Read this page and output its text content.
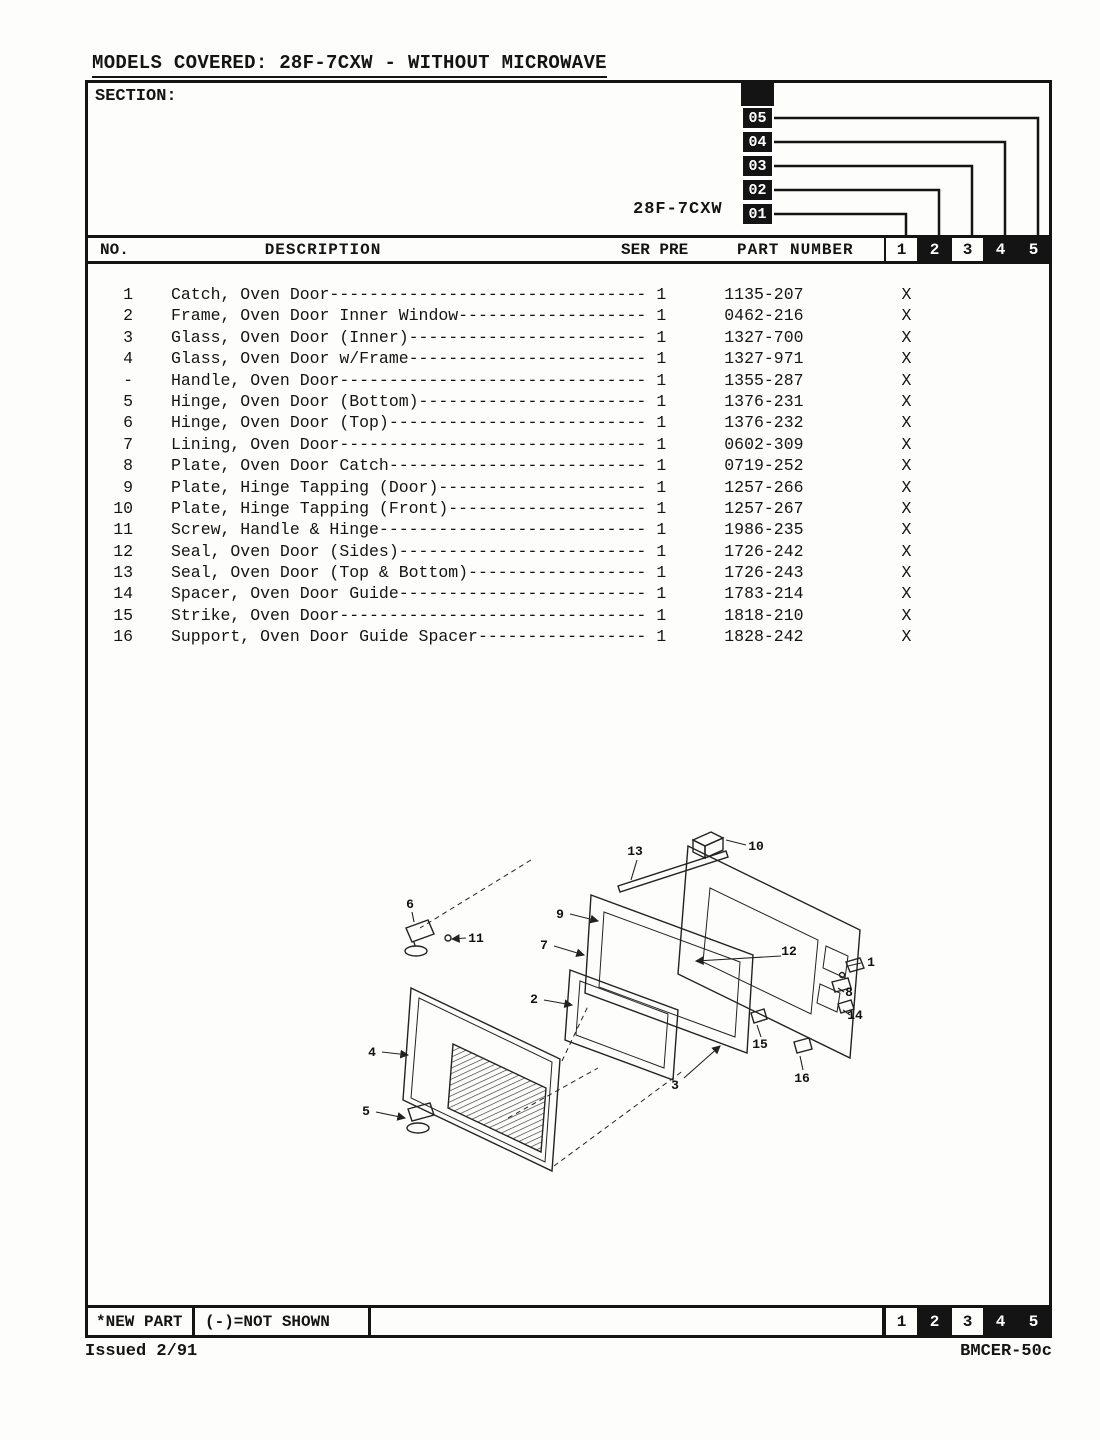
MODELS COVERED: 28F-7CXW - WITHOUT MICROWAVE
SECTION:
28F-7CXW
05
04
03
02
01
NO.	DESCRIPTION	SER PRE	PART NUMBER	1	2	3	4	5
1 Catch, Oven Door-------------------------------- 1	1135-207	X
2 Frame, Oven Door Inner Window------------------- 1	0462-216	X
3 Glass, Oven Door (Inner)------------------------ 1	1327-700	X
4 Glass, Oven Door w/Frame------------------------ 1	1327-971	X
- Handle, Oven Door------------------------------- 1	1355-287	X
5 Hinge, Oven Door (Bottom)----------------------- 1	1376-231	X
6 Hinge, Oven Door (Top)-------------------------- 1	1376-232	X
7 Lining, Oven Door------------------------------- 1	0602-309	X
8 Plate, Oven Door Catch-------------------------- 1	0719-252	X
9 Plate, Hinge Tapping (Door)--------------------- 1	1257-266	X
10 Plate, Hinge Tapping (Front)-------------------- 1	1257-267	X
11 Screw, Handle & Hinge--------------------------- 1	1986-235	X
12 Seal, Oven Door (Sides)------------------------- 1	1726-242	X
13 Seal, Oven Door (Top & Bottom)------------------ 1	1726-243	X
14 Spacer, Oven Door Guide------------------------- 1	1783-214	X
15 Strike, Oven Door------------------------------- 1	1818-210	X
16 Support, Oven Door Guide Spacer----------------- 1	1828-242	X
13	10
9
7
2
6
11
4
5
12
1
8
14
15
16
3
*NEW PART	(-)=NOT SHOWN	1	2	3	4	5
Issued 2/91	BMCER-50c
